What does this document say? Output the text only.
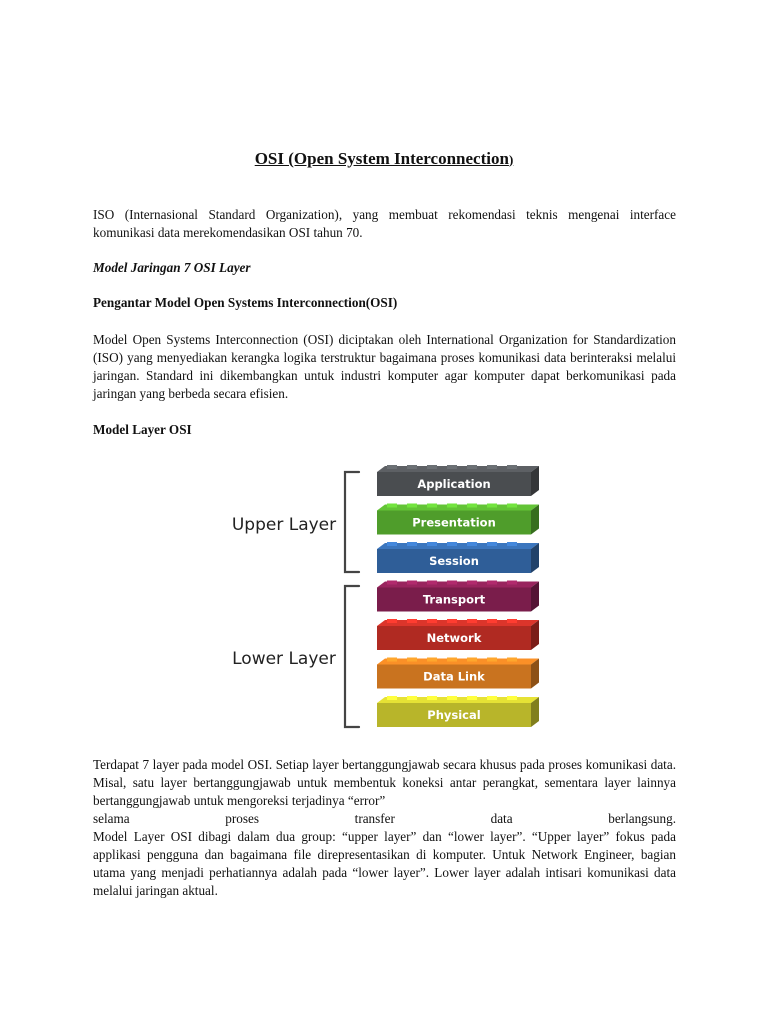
OSI (Open System Interconnection)
ISO (Internasional Standard Organization), yang membuat rekomendasi teknis mengenai interface komunikasi data merekomendasikan OSI tahun 70.
Model Jaringan 7 OSI Layer
Pengantar Model Open Systems Interconnection(OSI)
Model Open Systems Interconnection (OSI) diciptakan oleh International Organization for Standardization (ISO) yang menyediakan kerangka logika terstruktur bagaimana proses komunikasi data berinteraksi melalui jaringan. Standard ini dikembangkan untuk industri komputer agar komputer dapat berkomunikasi pada jaringan yang berbeda secara efisien.
Model Layer OSI
Upper Layer
Lower Layer
Application
Presentation
Session
Transport
Network
Data Link
Physical
Terdapat 7 layer pada model OSI. Setiap layer bertanggungjawab secara khusus pada proses komunikasi data. Misal, satu layer bertanggungjawab untuk membentuk koneksi antar perangkat, sementara layer lainnya bertanggungjawab untuk mengoreksi terjadinya “error”
selama proses transfer data berlangsung.
Model Layer OSI dibagi dalam dua group: “upper layer” dan “lower layer”. “Upper layer” fokus pada applikasi pengguna dan bagaimana file direpresentasikan di komputer. Untuk Network Engineer, bagian utama yang menjadi perhatiannya adalah pada “lower layer”. Lower layer adalah intisari komunikasi data melalui jaringan aktual.
